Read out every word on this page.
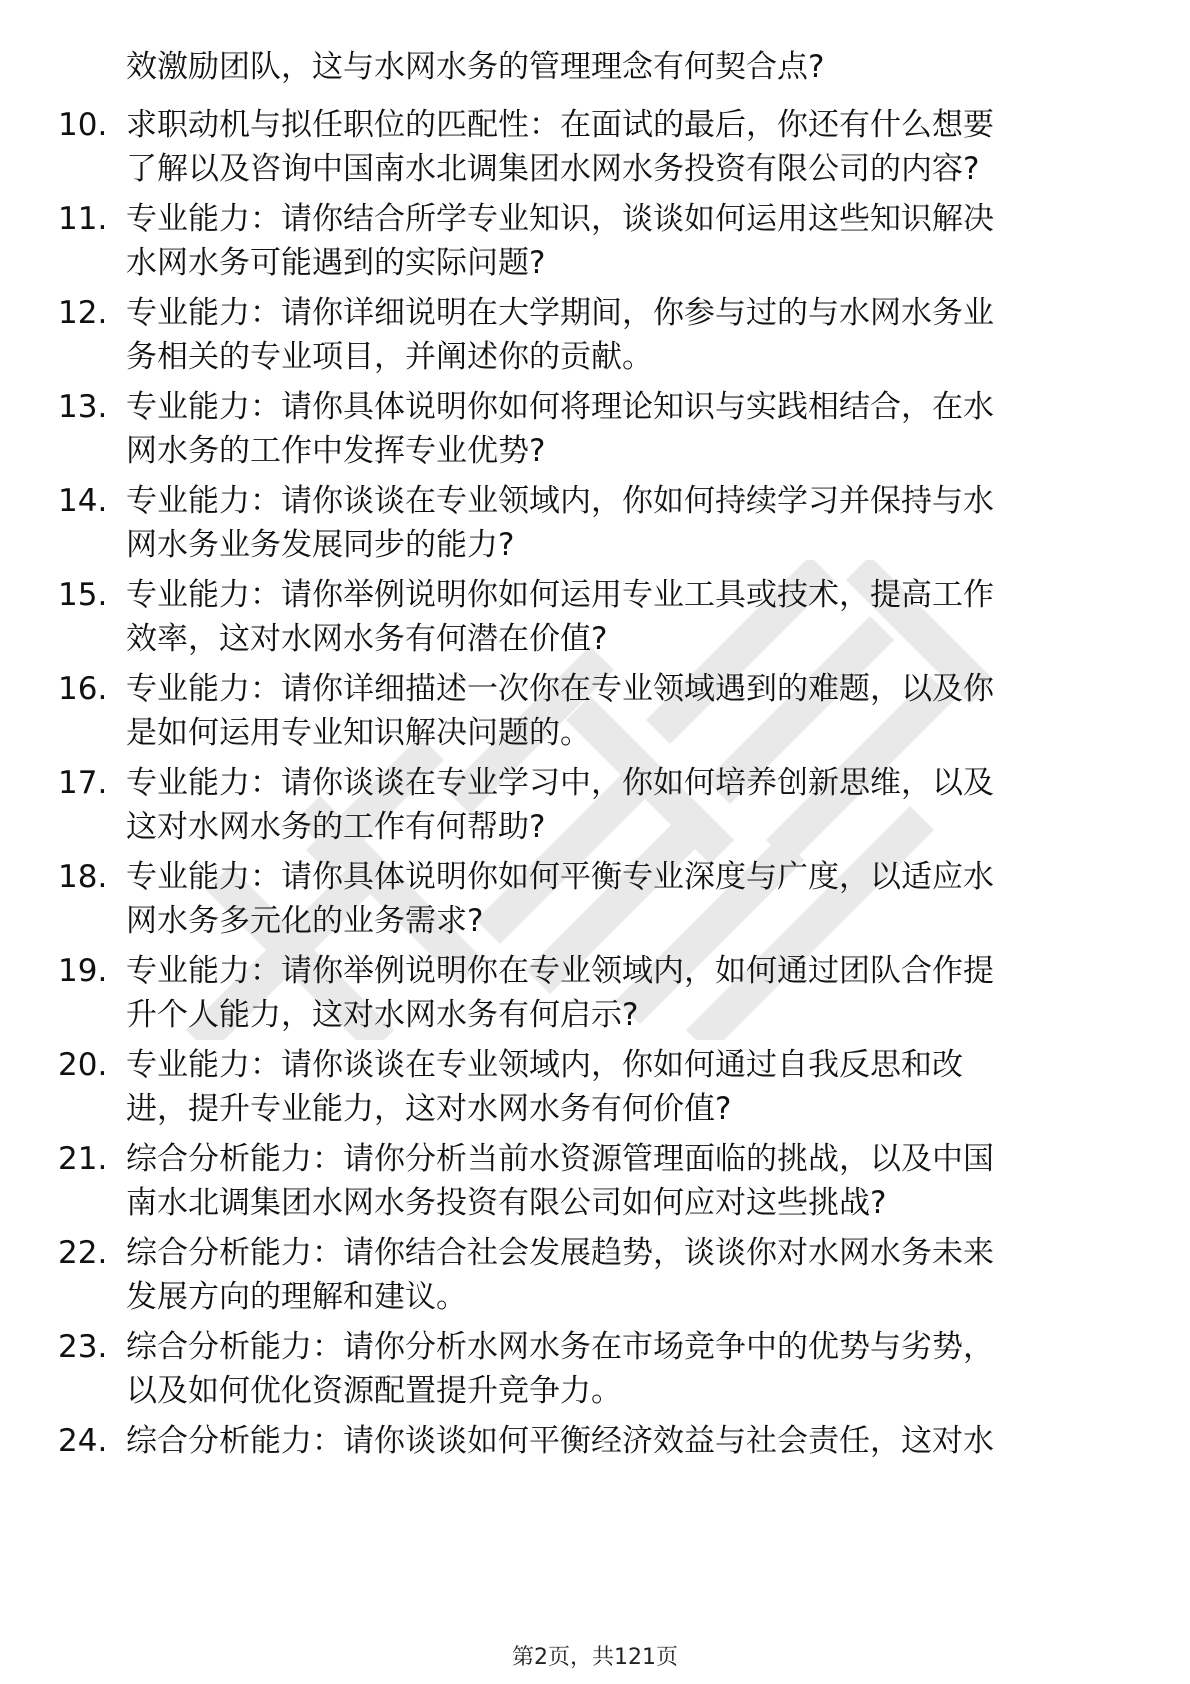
效激励团队，这与水网水务的管理理念有何契合点?
10. 求职动机与拟任职位的匹配性：在面试的最后，你还有什么想要
了解以及咨询中国南水北调集团水网水务投资有限公司的内容?
11. 专业能力：请你结合所学专业知识，谈谈如何运用这些知识解决
水网水务可能遇到的实际问题?
12. 专业能力：请你详细说明在大学期间，你参与过的与水网水务业
务相关的专业项目，并阐述你的贡献。
13. 专业能力：请你具体说明你如何将理论知识与实践相结合，在水
网水务的工作中发挥专业优势?
14. 专业能力：请你谈谈在专业领域内，你如何持续学习并保持与水
网水务业务发展同步的能力?
15. 专业能力：请你举例说明你如何运用专业工具或技术，提高工作
效率，这对水网水务有何潜在价值?
16. 专业能力：请你详细描述一次你在专业领域遇到的难题，以及你
是如何运用专业知识解决问题的。
17. 专业能力：请你谈谈在专业学习中，你如何培养创新思维，以及
这对水网水务的工作有何帮助?
18. 专业能力：请你具体说明你如何平衡专业深度与广度，以适应水
网水务多元化的业务需求?
19. 专业能力：请你举例说明你在专业领域内，如何通过团队合作提
升个人能力，这对水网水务有何启示?
20. 专业能力：请你谈谈在专业领域内，你如何通过自我反思和改
进，提升专业能力，这对水网水务有何价值?
21. 综合分析能力：请你分析当前水资源管理面临的挑战，以及中国
南水北调集团水网水务投资有限公司如何应对这些挑战?
22. 综合分析能力：请你结合社会发展趋势，谈谈你对水网水务未来
发展方向的理解和建议。
23. 综合分析能力：请你分析水网水务在市场竞争中的优势与劣势，
以及如何优化资源配置提升竞争力。
24. 综合分析能力：请你谈谈如何平衡经济效益与社会责任，这对水
第2页，共121页
